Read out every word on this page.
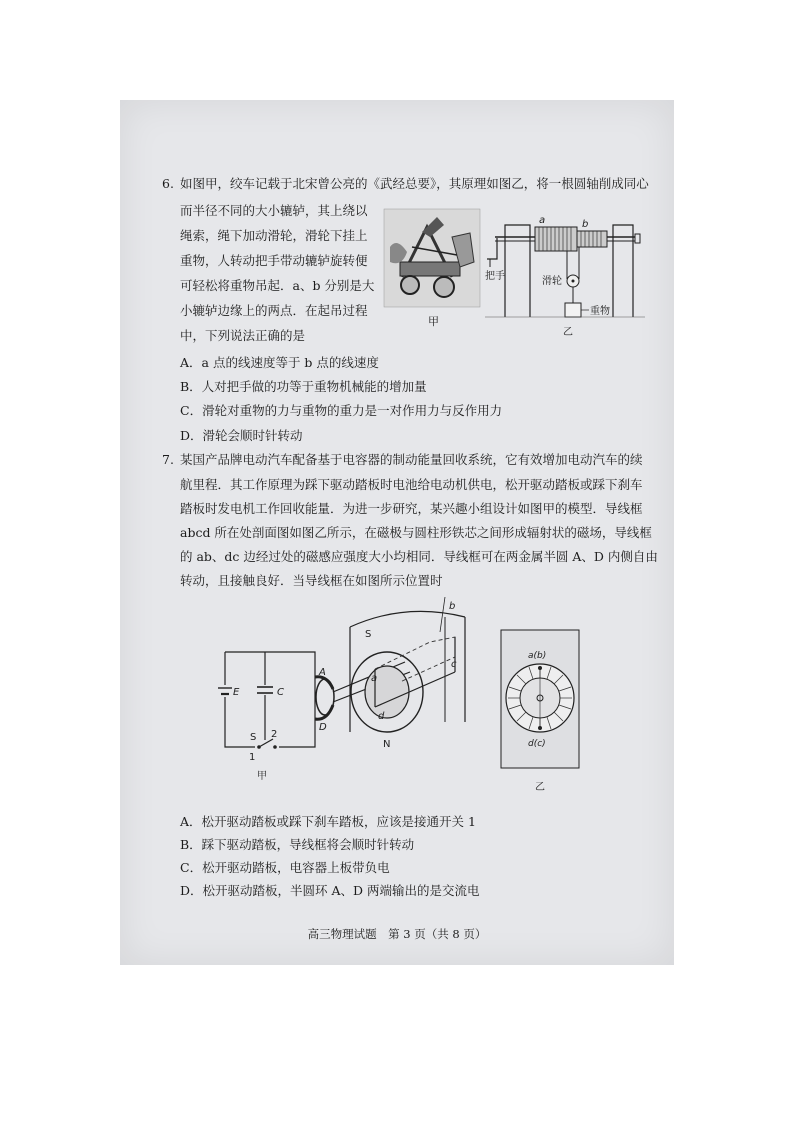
6. 如图甲，绞车记载于北宋曾公亮的《武经总要》，其原理如图乙，将一根圆轴削成同心
而半径不同的大小辘轳，其上绕以
绳索，绳下加动滑轮，滑轮下挂上
重物，人转动把手带动辘轳旋转便
可轻松将重物吊起．a、b 分别是大
小辘轳边缘上的两点．在起吊过程
中，下列说法正确的是
A．a 点的线速度等于 b 点的线速度
B．人对把手做的功等于重物机械能的增加量
C．滑轮对重物的力与重物的重力是一对作用力与反作用力
D．滑轮会顺时针转动
甲
a	b
把手	滑轮
重物
乙
7. 某国产品牌电动汽车配备基于电容器的制动能量回收系统，它有效增加电动汽车的续
航里程．其工作原理为踩下驱动踏板时电池给电动机供电，松开驱动踏板或踩下刹车
踏板时发电机工作回收能量．为进一步研究，某兴趣小组设计如图甲的模型．导线框
abcd 所在处剖面图如图乙所示，在磁极与圆柱形铁芯之间形成辐射状的磁场，导线框
的 ab、dc 边经过处的磁感应强度大小均相同．导线框可在两金属半圆 A、D 内侧自由
转动，且接触良好．当导线框在如图所示位置时
E	C
S
1
2
A
D
S
N
a
b
c
d
甲
a(b)
d(c)
乙
A．松开驱动踏板或踩下刹车踏板，应该是接通开关 1
B．踩下驱动踏板，导线框将会顺时针转动
C．松开驱动踏板，电容器上板带负电
D．松开驱动踏板，半圆环 A、D 两端输出的是交流电
高三物理试题　第 3 页（共 8 页）
